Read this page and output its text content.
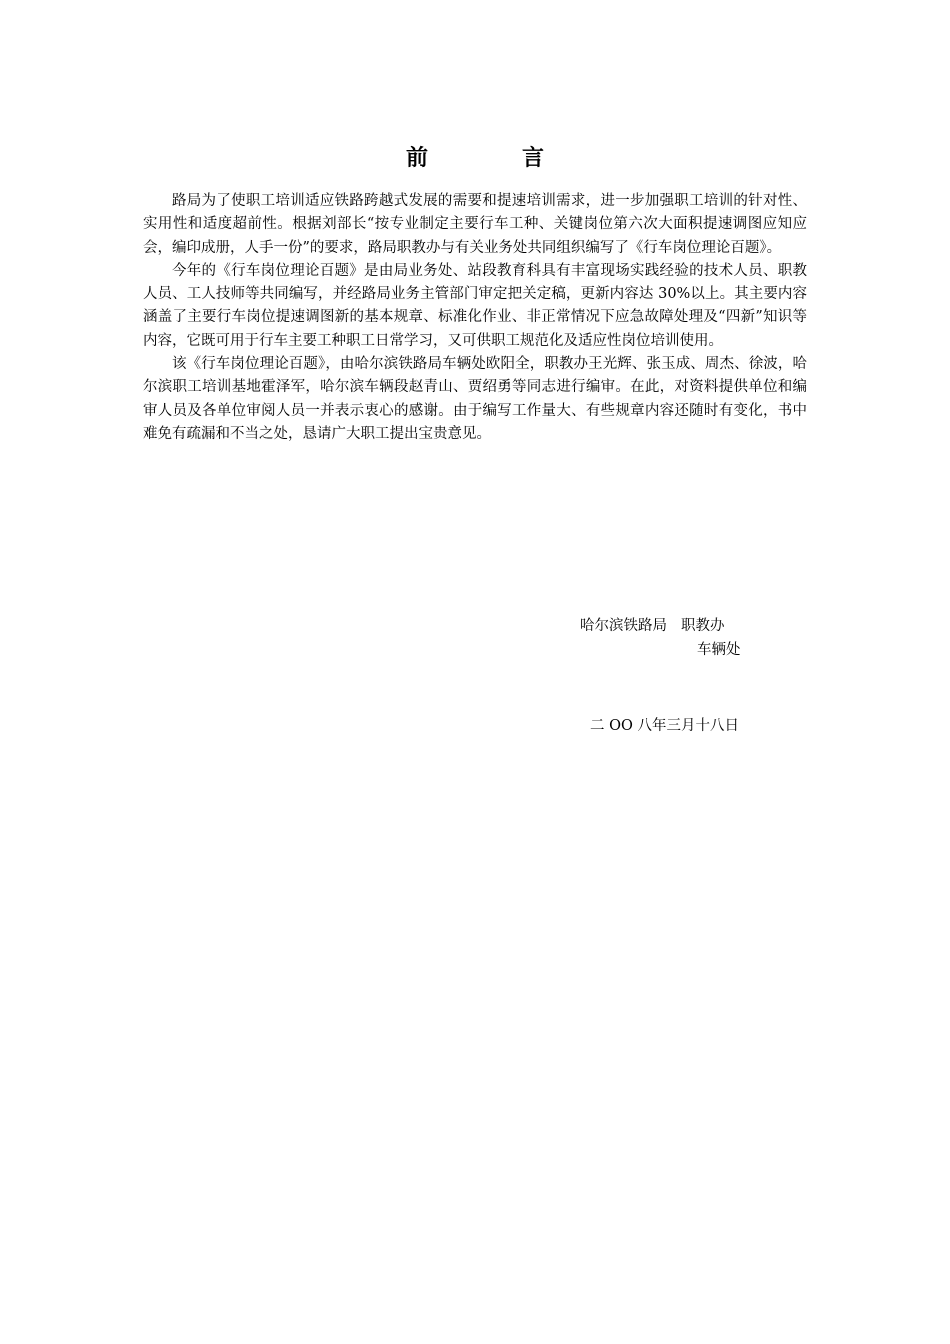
前　言

路局为了使职工培训适应铁路跨越式发展的需要和提速培训需求，进一步加强职工培训的针对性、实用性和适度超前性。根据刘部长“按专业制定主要行车工种、关键岗位第六次大面积提速调图应知应会，编印成册，人手一份”的要求，路局职教办与有关业务处共同组织编写了《行车岗位理论百题》。

今年的《行车岗位理论百题》是由局业务处、站段教育科具有丰富现场实践经验的技术人员、职教人员、工人技师等共同编写，并经路局业务主管部门审定把关定稿，更新内容达 30%以上。其主要内容涵盖了主要行车岗位提速调图新的基本规章、标准化作业、非正常情况下应急故障处理及“四新”知识等内容，它既可用于行车主要工种职工日常学习，又可供职工规范化及适应性岗位培训使用。

该《行车岗位理论百题》，由哈尔滨铁路局车辆处欧阳全，职教办王光辉、张玉成、周杰、徐波，哈尔滨职工培训基地霍泽军，哈尔滨车辆段赵青山、贾绍勇等同志进行编审。在此，对资料提供单位和编审人员及各单位审阅人员一并表示衷心的感谢。由于编写工作量大、有些规章内容还随时有变化，书中难免有疏漏和不当之处，恳请广大职工提出宝贵意见。

哈尔滨铁路局 职教办
车辆处
二 OO 八年三月十八日
